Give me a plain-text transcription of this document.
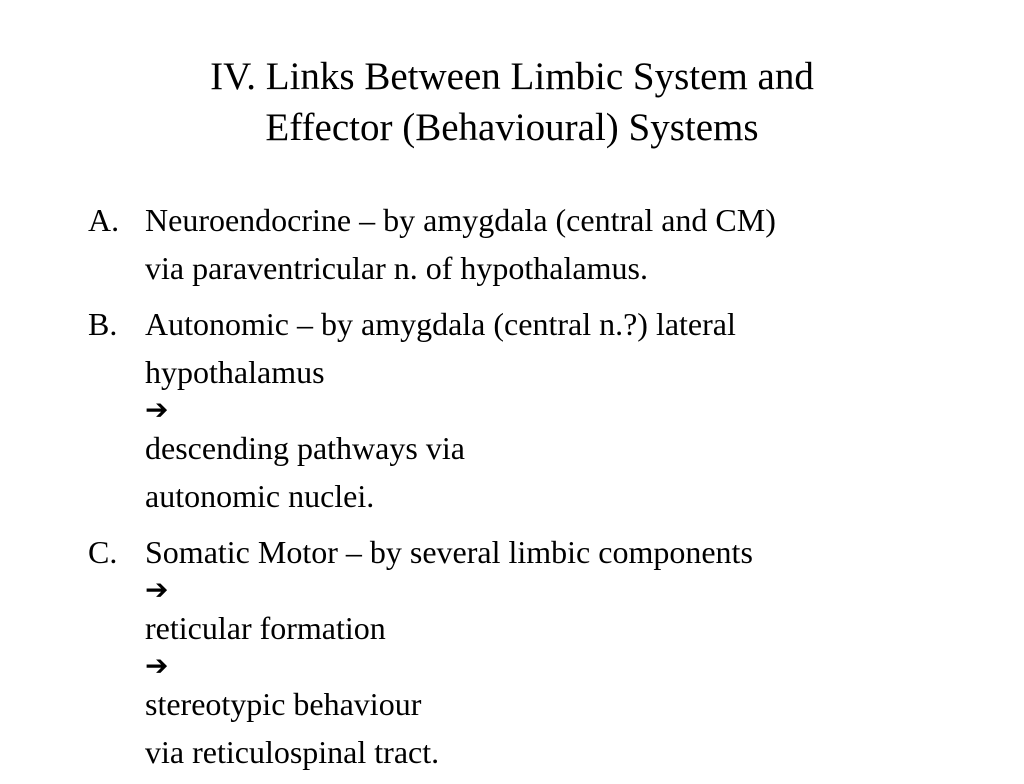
IV. Links Between Limbic System and
Effector (Behavioural) Systems
A. Neuroendocrine – by amygdala (central and CM)
via paraventricular n. of hypothalamus.
B. Autonomic – by amygdala (central n.?) lateral
hypothalamus
➔
descending pathways via
autonomic nuclei.
C. Somatic Motor – by several limbic components
➔
reticular formation
➔
stereotypic behaviour
via reticulospinal tract.
